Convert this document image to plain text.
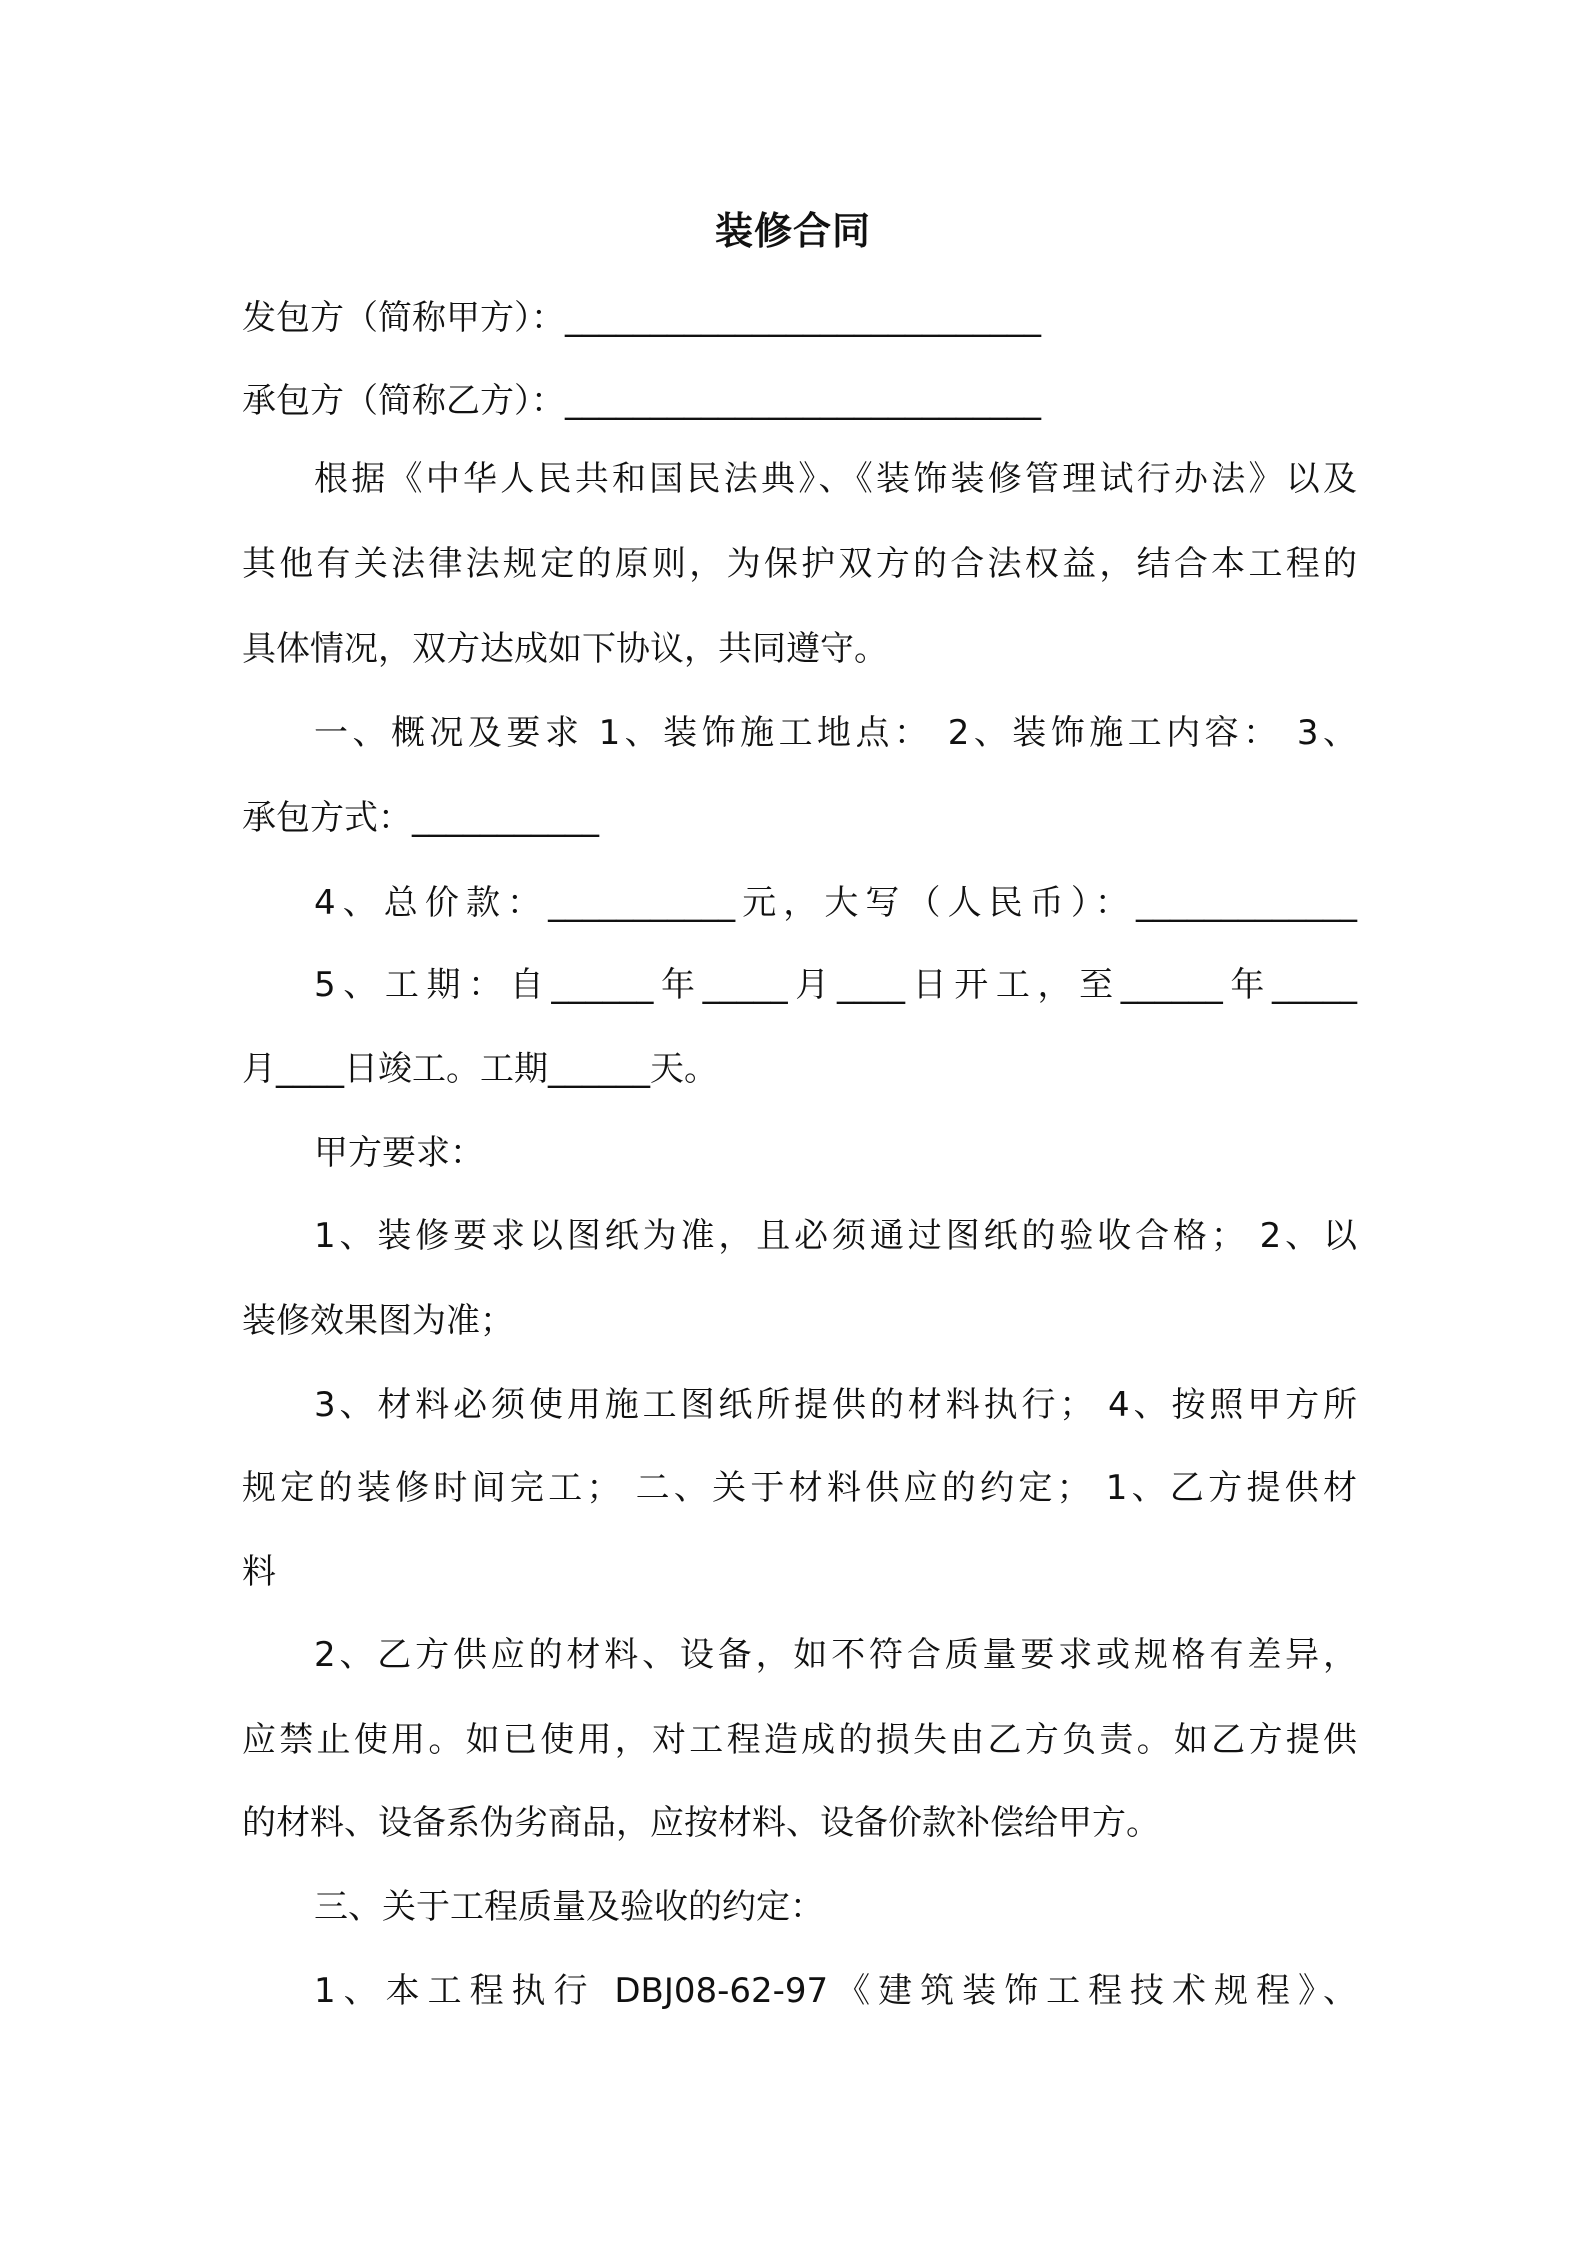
装修合同

发包方（简称甲方）：____________________________

承包方（简称乙方）：____________________________

根据《中华人民共和国民法典》、《装饰装修管理试行办法》以及

其他有关法律法规定的原则，为保护双方的合法权益，结合本工程的

具体情况，双方达成如下协议，共同遵守。

一、概况及要求 1、装饰施工地点： 2、装饰施工内容： 3、

承包方式：___________

4、总价款：___________元，大写（人民币）：_____________

5、工期：自______年_____月____日开工，至______年_____

月____日竣工。工期______天。

甲方要求：

1、装修要求以图纸为准，且必须通过图纸的验收合格； 2、以

装修效果图为准；

3、材料必须使用施工图纸所提供的材料执行； 4、按照甲方所

规定的装修时间完工； 二、关于材料供应的约定； 1、乙方提供材

料

2、乙方供应的材料、设备，如不符合质量要求或规格有差异，

应禁止使用。如已使用，对工程造成的损失由乙方负责。如乙方提供

的材料、设备系伪劣商品，应按材料、设备价款补偿给甲方。

三、关于工程质量及验收的约定：

1、本工程执行 DBJ08-62-97《建筑装饰工程技术规程》、
